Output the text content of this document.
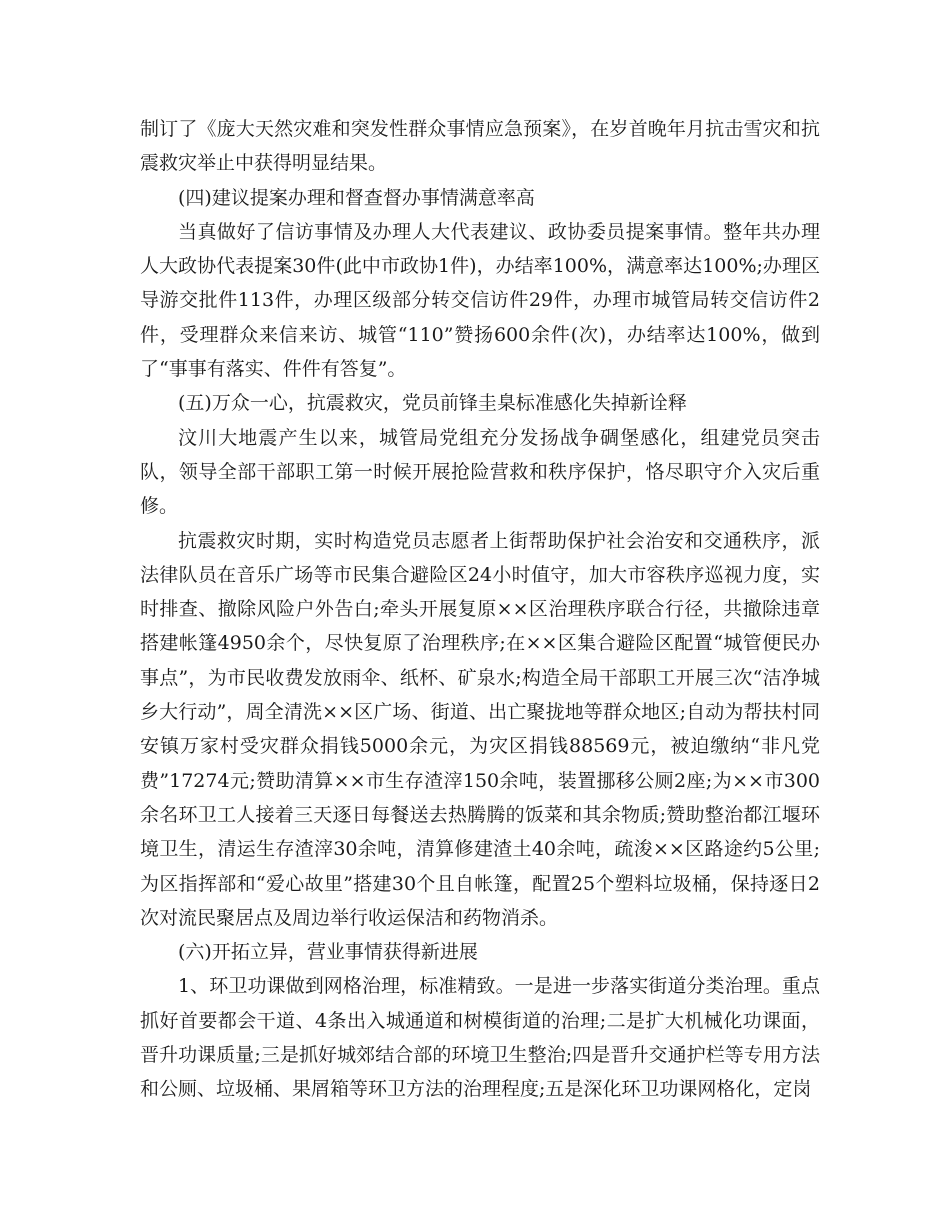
制订了《庞大天然灾难和突发性群众事情应急预案》，在岁首晚年月抗击雪灾和抗震救灾举止中获得明显结果。

(四)建议提案办理和督查督办事情满意率高

当真做好了信访事情及办理人大代表建议、政协委员提案事情。整年共办理人大政协代表提案30件(此中市政协1件)，办结率100%，满意率达100%;办理区导游交批件113件，办理区级部分转交信访件29件，办理市城管局转交信访件2件，受理群众来信来访、城管“110”赞扬600余件(次)，办结率达100%，做到了“事事有落实、件件有答复”。

(五)万众一心，抗震救灾，党员前锋圭臬标准感化失掉新诠释

汶川大地震产生以来，城管局党组充分发扬战争碉堡感化，组建党员突击队，领导全部干部职工第一时候开展抢险营救和秩序保护，恪尽职守介入灾后重修。

抗震救灾时期，实时构造党员志愿者上街帮助保护社会治安和交通秩序，派法律队员在音乐广场等市民集合避险区24小时值守，加大市容秩序巡视力度，实时排查、撤除风险户外告白;牵头开展复原××区治理秩序联合行径，共撤除违章搭建帐篷4950余个，尽快复原了治理秩序;在××区集合避险区配置“城管便民办事点”，为市民收费发放雨伞、纸杯、矿泉水;构造全局干部职工开展三次“洁净城乡大行动”，周全清洗××区广场、街道、出亡聚拢地等群众地区;自动为帮扶村同安镇万家村受灾群众捐钱5000余元，为灾区捐钱88569元，被迫缴纳“非凡党费”17274元;赞助清算××市生存渣滓150余吨，装置挪移公厕2座;为××市300余名环卫工人接着三天逐日每餐送去热腾腾的饭菜和其余物质;赞助整治都江堰环境卫生，清运生存渣滓30余吨，清算修建渣土40余吨，疏浚××区路途约5公里;为区指挥部和“爱心故里”搭建30个且自帐篷，配置25个塑料垃圾桶，保持逐日2次对流民聚居点及周边举行收运保洁和药物消杀。

(六)开拓立异，营业事情获得新进展

1、环卫功课做到网格治理，标准精致。一是进一步落实街道分类治理。重点抓好首要都会干道、4条出入城通道和树模街道的治理;二是扩大机械化功课面，晋升功课质量;三是抓好城郊结合部的环境卫生整治;四是晋升交通护栏等专用方法和公厕、垃圾桶、果屑箱等环卫方法的治理程度;五是深化环卫功课网格化，定岗
